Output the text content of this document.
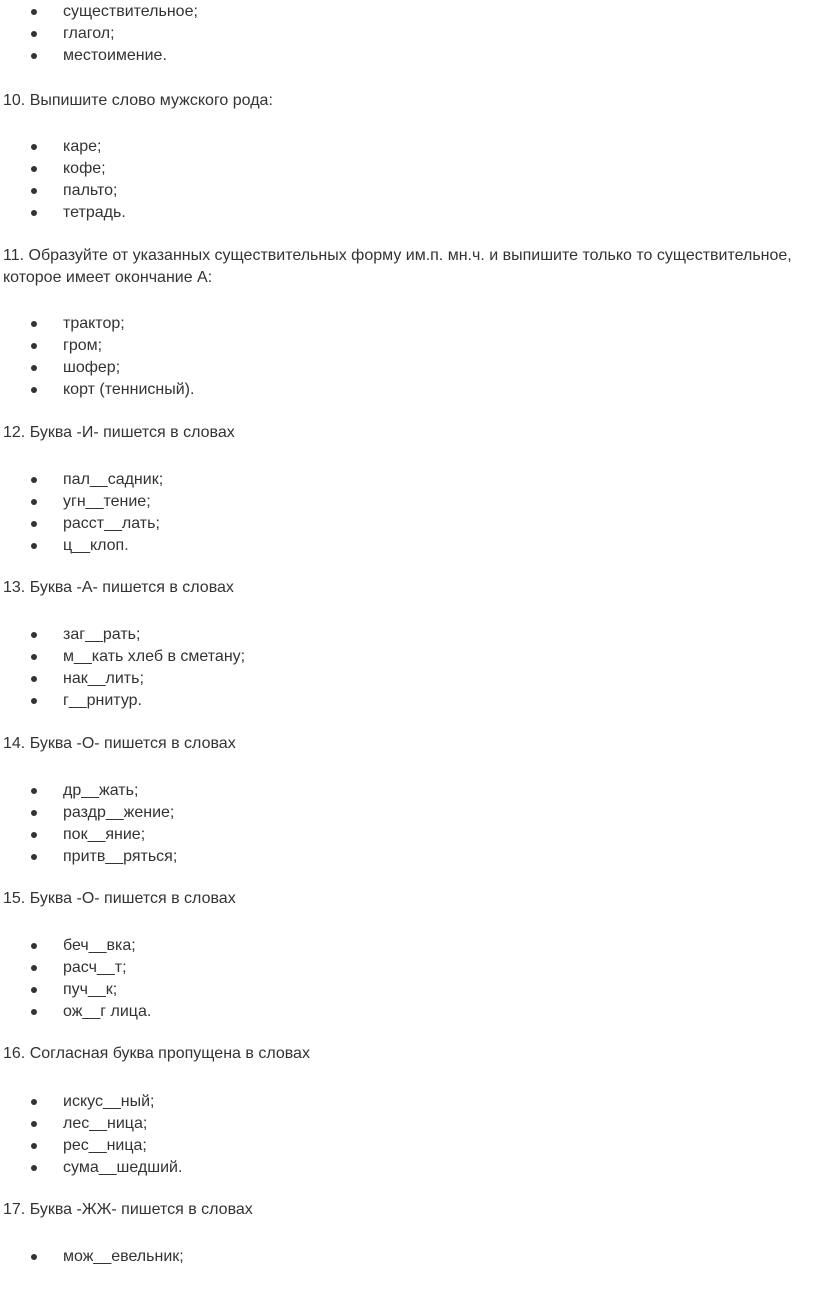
существительное;
глагол;
местоимение.
10. Выпишите слово мужского рода:
каре;
кофе;
пальто;
тетрадь.
11. Образуйте от указанных существительных форму им.п. мн.ч. и выпишите только то существительное, которое имеет окончание А:
трактор;
гром;
шофер;
корт (теннисный).
12. Буква -И- пишется в словах
пал__садник;
угн__тение;
расст__лать;
ц__клоп.
13. Буква -А- пишется в словах
заг__рать;
м__кать хлеб в сметану;
нак__лить;
г__рнитур.
14. Буква -О- пишется в словах
др__жать;
раздр__жение;
пок__яние;
притв__ряться;
15. Буква -О- пишется в словах
беч__вка;
расч__т;
пуч__к;
ож__г лица.
16. Согласная буква пропущена в словах
искус__ный;
лес__ница;
рес__ница;
сума__шедший.
17. Буква -ЖЖ- пишется в словах
мож__евельник;
